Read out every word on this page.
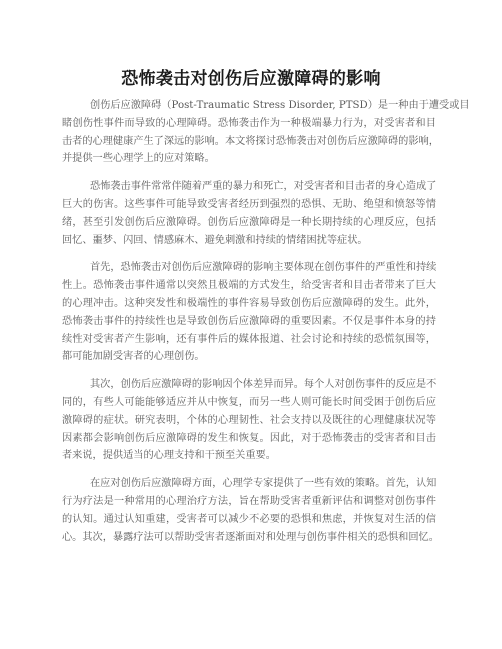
恐怖袭击对创伤后应激障碍的影响

创伤后应激障碍（Post-Traumatic Stress Disorder, PTSD）是一种由于遭受或目
睹创伤性事件而导致的心理障碍。恐怖袭击作为一种极端暴力行为，对受害者和目
击者的心理健康产生了深远的影响。本文将探讨恐怖袭击对创伤后应激障碍的影响，
并提供一些心理学上的应对策略。

恐怖袭击事件常常伴随着严重的暴力和死亡，对受害者和目击者的身心造成了
巨大的伤害。这些事件可能导致受害者经历到强烈的恐惧、无助、绝望和愤怒等情
绪，甚至引发创伤后应激障碍。创伤后应激障碍是一种长期持续的心理反应，包括
回忆、噩梦、闪回、情感麻木、避免刺激和持续的情绪困扰等症状。

首先，恐怖袭击对创伤后应激障碍的影响主要体现在创伤事件的严重性和持续
性上。恐怖袭击事件通常以突然且极端的方式发生，给受害者和目击者带来了巨大
的心理冲击。这种突发性和极端性的事件容易导致创伤后应激障碍的发生。此外，
恐怖袭击事件的持续性也是导致创伤后应激障碍的重要因素。不仅是事件本身的持
续性对受害者产生影响，还有事件后的媒体报道、社会讨论和持续的恐慌氛围等，
都可能加剧受害者的心理创伤。

其次，创伤后应激障碍的影响因个体差异而异。每个人对创伤事件的反应是不
同的，有些人可能能够适应并从中恢复，而另一些人则可能长时间受困于创伤后应
激障碍的症状。研究表明，个体的心理韧性、社会支持以及既往的心理健康状况等
因素都会影响创伤后应激障碍的发生和恢复。因此，对于恐怖袭击的受害者和目击
者来说，提供适当的心理支持和干预至关重要。

在应对创伤后应激障碍方面，心理学专家提供了一些有效的策略。首先，认知
行为疗法是一种常用的心理治疗方法，旨在帮助受害者重新评估和调整对创伤事件
的认知。通过认知重建，受害者可以减少不必要的恐惧和焦虑，并恢复对生活的信
心。其次，暴露疗法可以帮助受害者逐渐面对和处理与创伤事件相关的恐惧和回忆。
